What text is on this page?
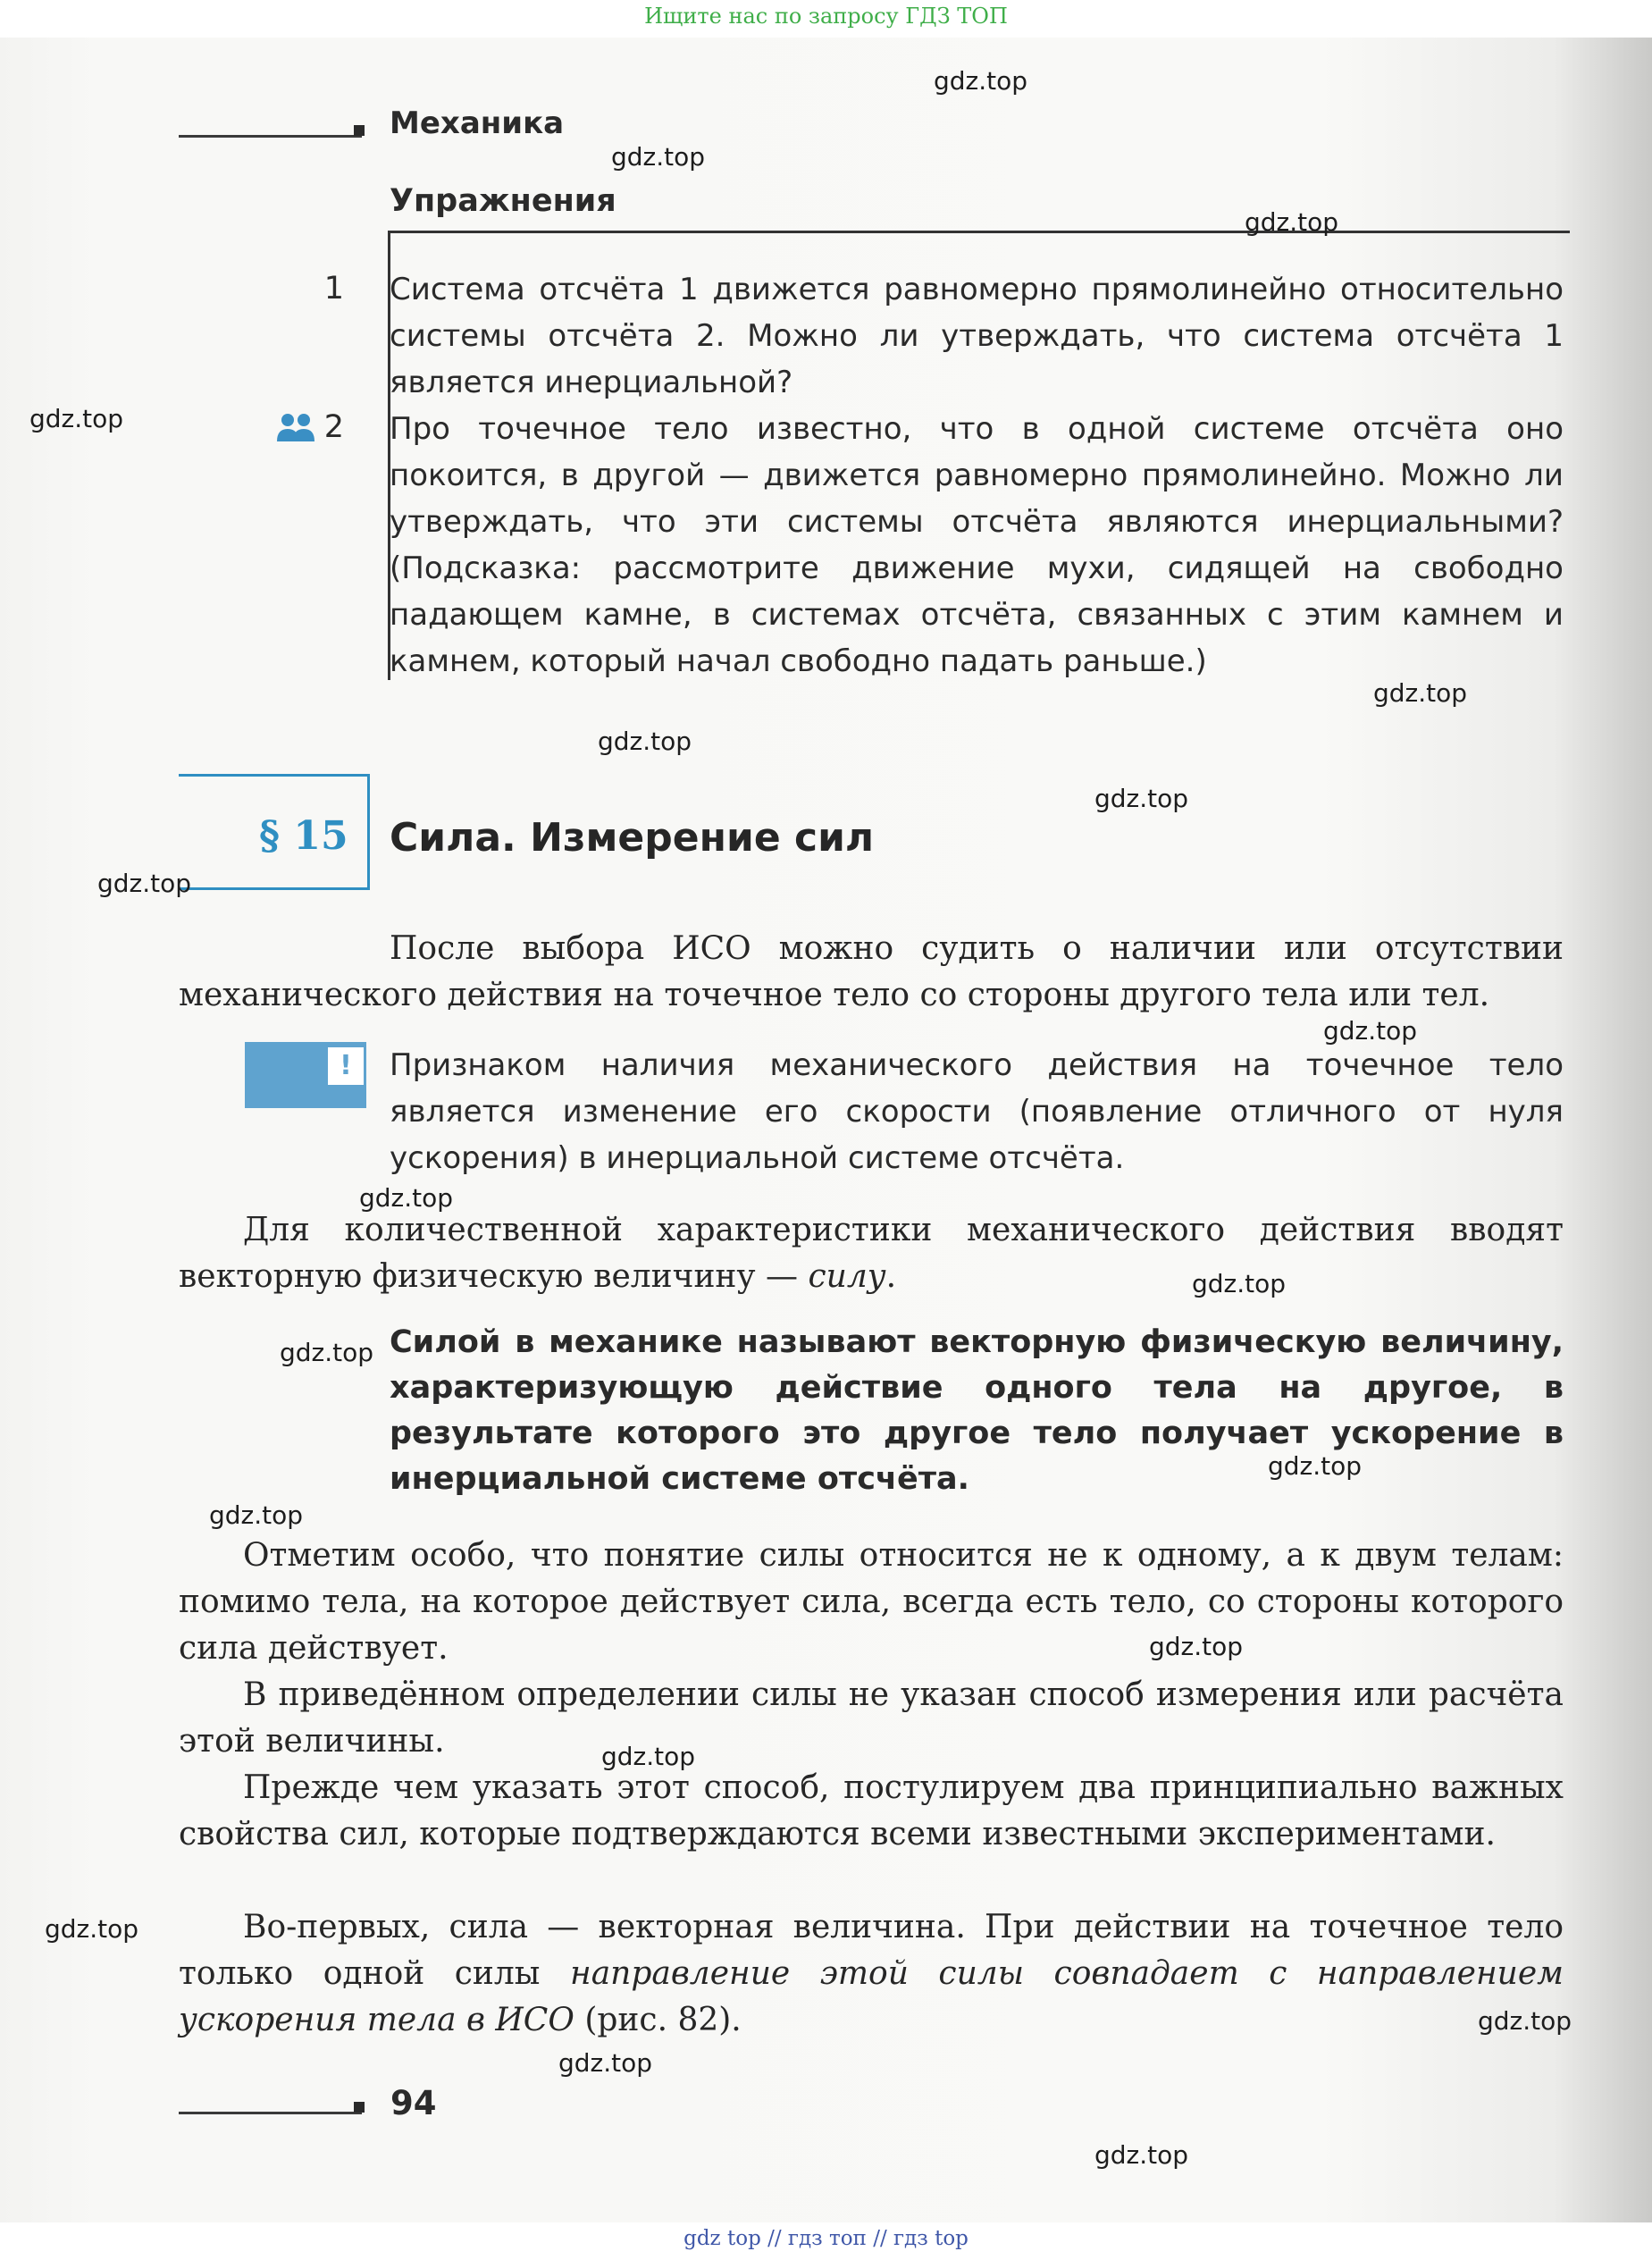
Ищите нас по запросу ГДЗ ТОП
Механика
Упражнения
1 Система отсчёта 1 движется равномерно прямолинейно относительно системы отсчёта 2. Можно ли утверждать, что система отсчёта 1 является инерциальной?
2 Про точечное тело известно, что в одной системе отсчёта оно покоится, в другой — движется равномерно прямолинейно. Можно ли утверждать, что эти системы отсчёта являются инерциальными? (Подсказка: рассмотрите движение мухи, сидящей на свободно падающем камне, в системах отсчёта, связанных с этим камнем и камнем, который начал свободно падать раньше.)
§ 15 Сила. Измерение сил
После выбора ИСО можно судить о наличии или отсутствии механического действия на точечное тело со стороны другого тела или тел.
!	Признаком наличия механического действия на точечное тело является изменение его скорости (появление отличного от нуля ускорения) в инерциальной системе отсчёта.
Для количественной характеристики механического действия вводят векторную физическую величину — силу.
Силой в механике называют векторную физическую величину, характеризующую действие одного тела на другое, в результате которого это другое тело получает ускорение в инерциальной системе отсчёта.
Отметим особо, что понятие силы относится не к одному, а к двум телам: помимо тела, на которое действует сила, всегда есть тело, со стороны которого сила действует.
В приведённом определении силы не указан способ измерения или расчёта этой величины.
Прежде чем указать этот способ, постулируем два принципиально важных свойства сил, которые подтверждаются всеми известными экспериментами.
Во-первых, сила — векторная величина. При действии на точечное тело только одной силы направление этой силы совпадает с направлением ускорения тела в ИСО (рис. 82).
94
gdz.top
gdz.top
gdz.top
gdz.top
gdz.top
gdz.top
gdz.top
gdz.top
gdz.top
gdz.top
gdz.top
gdz.top
gdz.top
gdz.top
gdz.top
gdz.top
gdz.top
gdz.top
gdz.top
gdz.top
gdz top // гдз топ // гдз top
